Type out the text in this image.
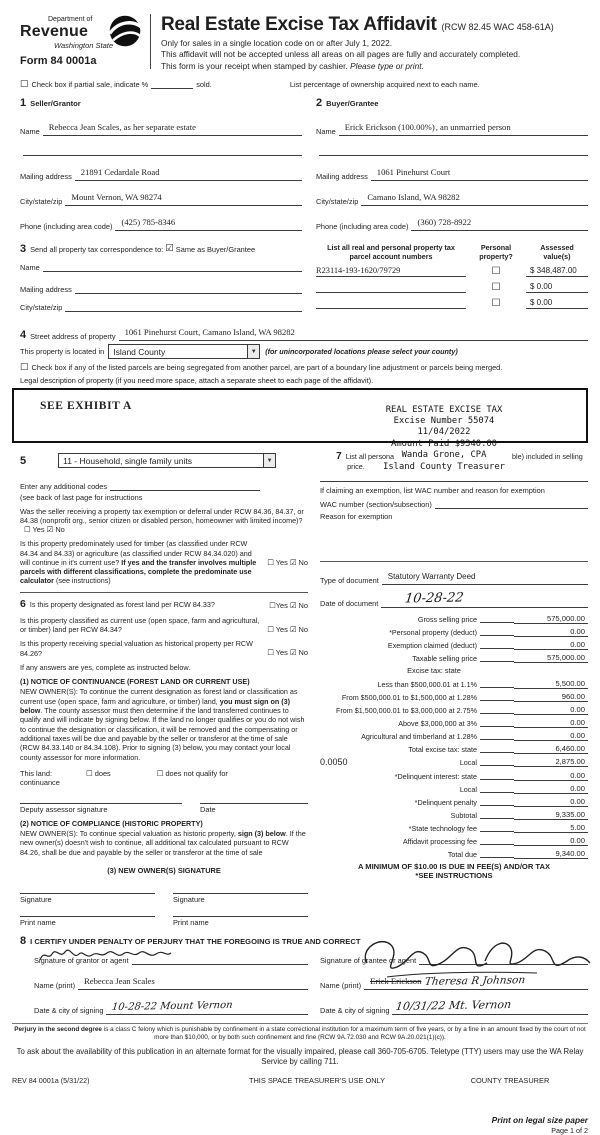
Department of
Revenue
Washington State
Form 84 0001a
Real Estate Excise Tax Affidavit (RCW 82.45 WAC 458-61A)
Only for sales in a single location code on or after July 1, 2022.
This affidavit will not be accepted unless all areas on all pages are fully and accurately completed.
This form is your receipt when stamped by cashier. Please type or print.
☐ Check box if partial sale, indicate %	sold.	List percentage of ownership acquired next to each name.
1 Seller/Grantor
Name	Rebecca Jean Scales, as her separate estate
Mailing address	21891 Cedardale Road
City/state/zip	Mount Vernon, WA 98274
Phone (including area code)	(425) 785-8346
2 Buyer/Grantee
Name	Erick Erickson (100.00%), an unmarried person
Mailing address	1061 Pinehurst Court
City/state/zip	Camano Island, WA 98282
Phone (including area code)	(360) 728-8922
3 Send all property tax correspondence to: ☑ Same as Buyer/Grantee
Name
Mailing address
City/state/zip
List all real and personal property tax parcel account numbers
Personal property?
Assessed value(s)
R23114-193-1620/79729	☐	$ 348,487.00
☐	$ 0.00
☐	$ 0.00
4 Street address of property	1061 Pinehurst Court, Camano Island, WA 98282
This property is located in	Island County	▼	(for unincorporated locations please select your county)
☐ Check box if any of the listed parcels are being segregated from another parcel, are part of a boundary line adjustment or parcels being merged.
Legal description of property (if you need more space, attach a separate sheet to each page of the affidavit).
SEE EXHIBIT A	REAL ESTATE EXCISE TAX
Excise Number 55074
11/04/2022
Amount Paid $9340.00
Wanda Grone, CPA
Island County Treasurer
5	11 - Household, single family units	▼	7 List all persona	ble) included in selling
price.
Enter any additional codes
(see back of last page for instructions
Was the seller receiving a property tax exemption or deferral under RCW 84.36, 84.37, or 84.38 (nonprofit org., senior citizen or disabled person, homeowner with limited income)? ☐ Yes ☑ No
Is this property predominately used for timber (as classified under RCW 84.34 and 84.33) or agriculture (as classified under RCW 84.34.020) and will continue in it's current use? If yes and the transfer involves multiple parcels with different classifications, complete the predominate use calculator (see instructions)
☐ Yes ☑ No
6 Is this property designated as forest land per RCW 84.33?	☐Yes ☑ No
Is this property classified as current use (open space, farm and agricultural, or timber) land per RCW 84.34?	☐ Yes ☑ No
Is this property receiving special valuation as historical property per RCW 84.26?	☐ Yes ☑ No
If any answers are yes, complete as instructed below.
(1) NOTICE OF CONTINUANCE (FOREST LAND OR CURRENT USE)
NEW OWNER(S): To continue the current designation as forest land or classification as current use (open space, farm and agriculture, or timber) land, you must sign on (3) below. The county assessor must then determine if the land transferred continues to qualify and will indicate by signing below. If the land no longer qualifies or you do not wish to continue the designation or classification, it will be removed and the compensating or additional taxes will be due and payable by the seller or transferor at the time of sale (RCW 84.33.140 or 84.34.108). Prior to signing (3) below, you may contact your local county assessor for more information.
This land:	☐ does	☐ does not qualify for
continuance
Deputy assessor signature	Date
(2) NOTICE OF COMPLIANCE (HISTORIC PROPERTY)
NEW OWNER(S): To continue special valuation as historic property, sign (3) below. If the new owner(s) doesn't wish to continue, all additional tax calculated pursuant to RCW 84.26, shall be due and payable by the seller or transferor at the time of sale
(3) NEW OWNER(S) SIGNATURE
Signature	Signature
Print name	Print name
If claiming an exemption, list WAC number and reason for exemption
WAC number (section/subsection)
Reason for exemption
Type of document	Statutory Warranty Deed
Date of document	10-28-22
Gross selling price	575,000.00
*Personal property (deduct)	0.00
Exemption claimed (deduct)	0.00
Taxable selling price	575,000.00
Excise tax: state
Less than $500,000.01 at 1.1%	5,500.00
From $500,000.01 to $1,500,000 at 1.28%	960.00
From $1,500,000.01 to $3,000,000 at 2.75%	0.00
Above $3,000,000 at 3%	0.00
Agricultural and timberland at 1.28%	0.00
Total excise tax: state	6,460.00
0.0050	Local	2,875.00
*Delinquent interest: state	0.00
Local	0.00
*Delinquent penalty	0.00
Subtotal	9,335.00
*State technology fee	5.00
Affidavit processing fee	0.00
Total due	9,340.00
A MINIMUM OF $10.00 IS DUE IN FEE(S) AND/OR TAX
*SEE INSTRUCTIONS
8 I CERTIFY UNDER PENALTY OF PERJURY THAT THE FOREGOING IS TRUE AND CORRECT
Signature of grantor or agent
Name (print)	Rebecca Jean Scales
Date & city of signing 10-28-22 Mount Vernon
Signature of grantee or agent
Name (print)	Erick Erickson Theresa R Johnson
Date & city of signing 10/31/22 Mt. Vernon
Perjury in the second degree is a class C felony which is punishable by confinement in a state correctional institution for a maximum term of five years, or by a fine in an amount fixed by the court of not more than $10,000, or by both such confinement and fine (RCW 9A.72.030 and RCW 9A.20.021(1)(c)).
To ask about the availability of this publication in an alternate format for the visually impaired, please call 360-705-6705. Teletype (TTY) users may use the WA Relay Service by calling 711.
REV 84 0001a (5/31/22)	THIS SPACE TREASURER'S USE ONLY	COUNTY TREASURER
Print on legal size paper
Page 1 of 2
